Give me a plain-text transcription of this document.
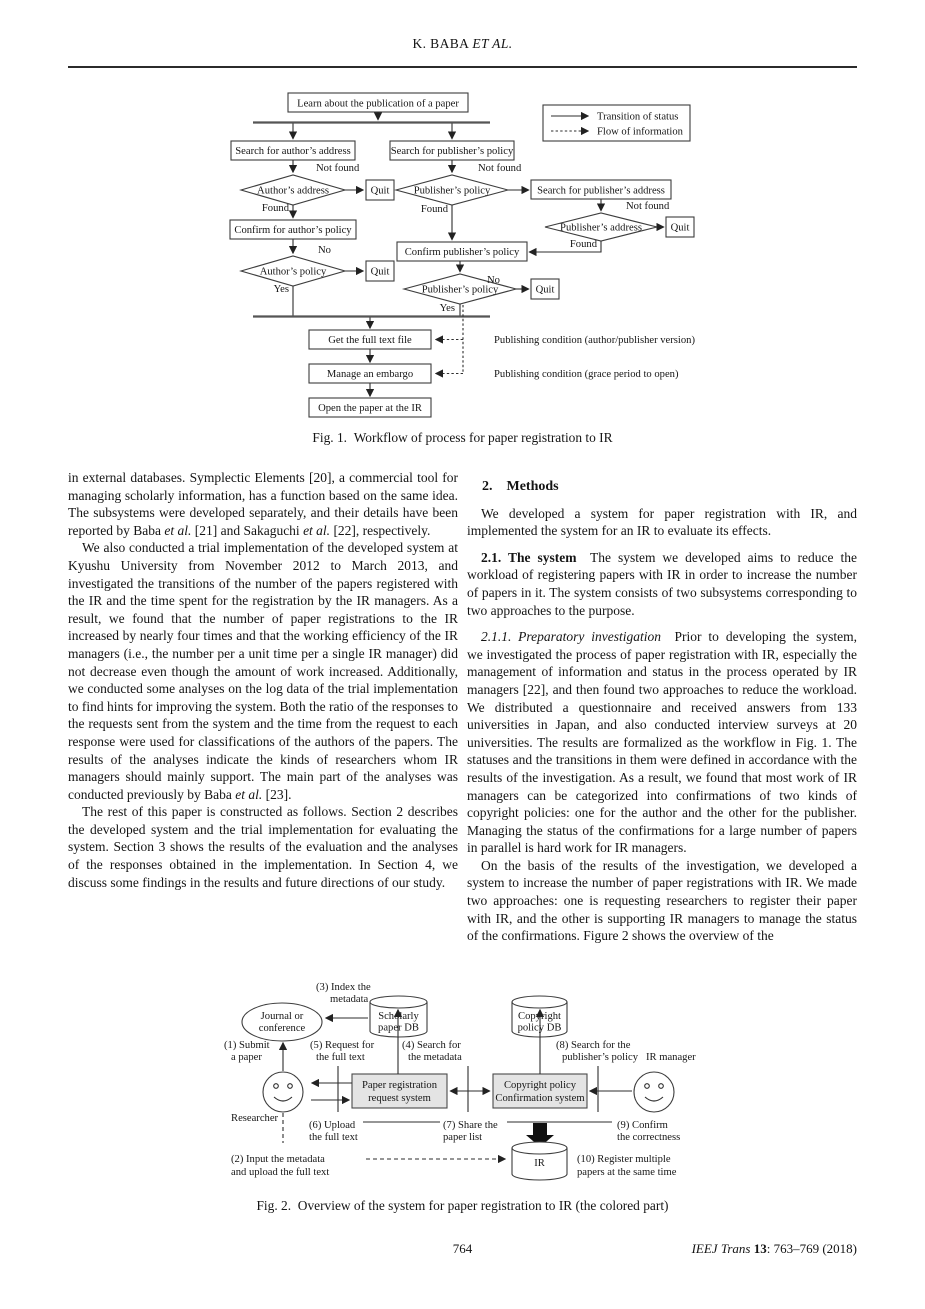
K. BABA ET AL.
Transition of status
Flow of information
Learn about the publication of a paper
Search for author’s address
Author’s address
Not found
Quit
Found
Confirm for author’s policy
Author’s policy
No
Quit
Yes
Search for publisher’s policy
Publisher’s policy
Not found
Search for publisher’s address
Found
Publisher’s address
Not found
Quit
Found
Confirm publisher’s policy
Publisher’s policy
No
Quit
Yes
Get the full text file
Manage an embargo
Open the paper at the IR
Publishing condition (author/publisher version)
Publishing condition (grace period to open)
Fig. 1. Workflow of process for paper registration to IR

in external databases. Symplectic Elements [20], a commercial tool for managing scholarly information, has a function based on the same idea. The subsystems were developed separately, and their details have been reported by Baba et al. [21] and Sakaguchi et al. [22], respectively.

We also conducted a trial implementation of the developed system at Kyushu University from November 2012 to March 2013, and investigated the transitions of the number of the papers registered with the IR and the time spent for the registration by the IR managers. As a result, we found that the number of paper registrations to the IR increased by nearly four times and that the working efficiency of the IR managers (i.e., the number per a unit time per a single IR manager) did not decrease even though the amount of work increased. Additionally, we conducted some analyses on the log data of the trial implementation to find hints for improving the system. Both the ratio of the responses to the requests sent from the system and the time from the request to each response were used for classifications of the authors of the papers. The results of the analyses indicate the kinds of researchers whom IR managers should mainly support. The main part of the analyses was conducted previously by Baba et al. [23].

The rest of this paper is constructed as follows. Section 2 describes the developed system and the trial implementation for evaluating the system. Section 3 shows the results of the evaluation and the analyses of the responses obtained in the implementation. In Section 4, we discuss some findings in the results and future directions of our study.

2. Methods

We developed a system for paper registration with IR, and implemented the system for an IR to evaluate its effects.

2.1. The system The system we developed aims to reduce the workload of registering papers with IR in order to increase the number of papers in it. The system consists of two subsystems corresponding to two approaches to the purpose.

2.1.1. Preparatory investigation Prior to developing the system, we investigated the process of paper registration with IR, especially the management of information and status in the process operated by IR managers [22], and then found two approaches to reduce the workload. We distributed a questionnaire and received answers from 133 universities in Japan, and also conducted interview surveys at 20 universities. The results are formalized as the workflow in Fig. 1. The statuses and the transitions in them were defined in accordance with the results of the investigation. As a result, we found that most work of IR managers can be categorized into confirmations of two kinds of copyright policies: one for the author and the other for the publisher. Managing the status of the confirmations for a large number of papers in parallel is hard work for IR managers.

On the basis of the results of the investigation, we developed a system to increase the number of paper registrations with IR. We made two approaches: one is requesting researchers to register their paper with IR, and the other is supporting IR managers to manage the status of the confirmations. Figure 2 shows the overview of the

Journal or
conference
Scholarly
paper DB
Copyright
policy DB
(3) Index the
metadata
(1) Submit
a paper
(5) Request for
the full text
(4) Search for
the metadata
(8) Search for the
publisher’s policy IR manager
Researcher
Paper registration
request system
Copyright policy
Confirmation system
(6) Upload
the full text
(7) Share the
paper list
(9) Confirm
the correctness
IR
(2) Input the metadata
and upload the full text
(10) Register multiple
papers at the same time
Fig. 2. Overview of the system for paper registration to IR (the colored part)
764	IEEJ Trans 13: 763–769 (2018)
